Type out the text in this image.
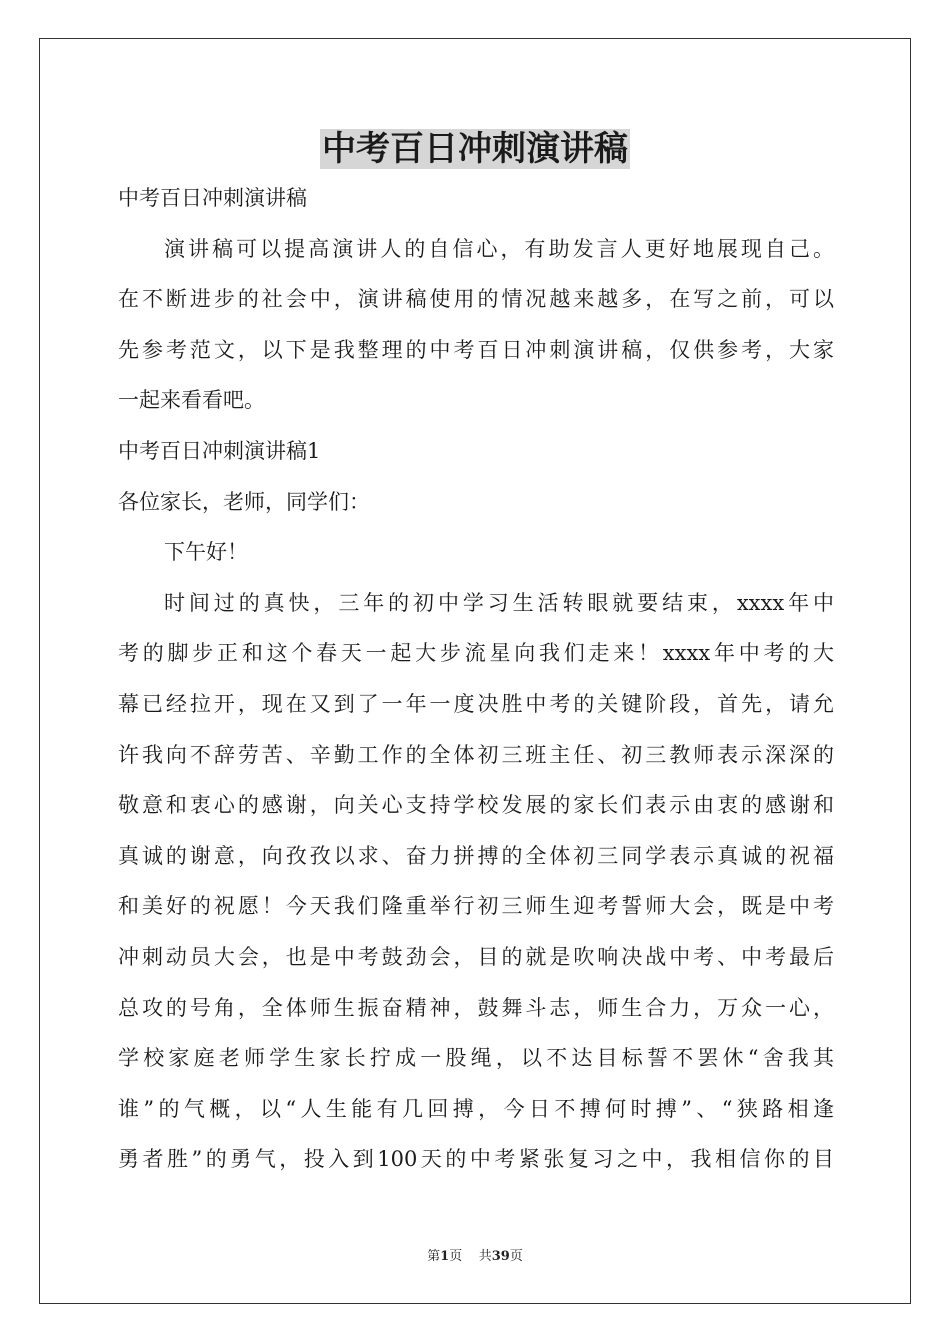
中考百日冲刺演讲稿
中考百日冲刺演讲稿
演讲稿可以提高演讲人的自信心，有助发言人更好地展现自己。
在不断进步的社会中，演讲稿使用的情况越来越多，在写之前，可以
先参考范文，以下是我整理的中考百日冲刺演讲稿，仅供参考，大家
一起来看看吧。
中考百日冲刺演讲稿1
各位家长，老师，同学们：
下午好！
时间过的真快，三年的初中学习生活转眼就要结束，xxxx年中
考的脚步正和这个春天一起大步流星向我们走来！xxxx年中考的大
幕已经拉开，现在又到了一年一度决胜中考的关键阶段，首先，请允
许我向不辞劳苦、辛勤工作的全体初三班主任、初三教师表示深深的
敬意和衷心的感谢，向关心支持学校发展的家长们表示由衷的感谢和
真诚的谢意，向孜孜以求、奋力拼搏的全体初三同学表示真诚的祝福
和美好的祝愿！今天我们隆重举行初三师生迎考誓师大会，既是中考
冲刺动员大会，也是中考鼓劲会，目的就是吹响决战中考、中考最后
总攻的号角，全体师生振奋精神，鼓舞斗志，师生合力，万众一心，
学校家庭老师学生家长拧成一股绳，以不达目标誓不罢休“舍我其
谁”的气概，以“人生能有几回搏，今日不搏何时搏”、“狭路相逢
勇者胜”的勇气，投入到100天的中考紧张复习之中，我相信你的目
第1页 共39页
